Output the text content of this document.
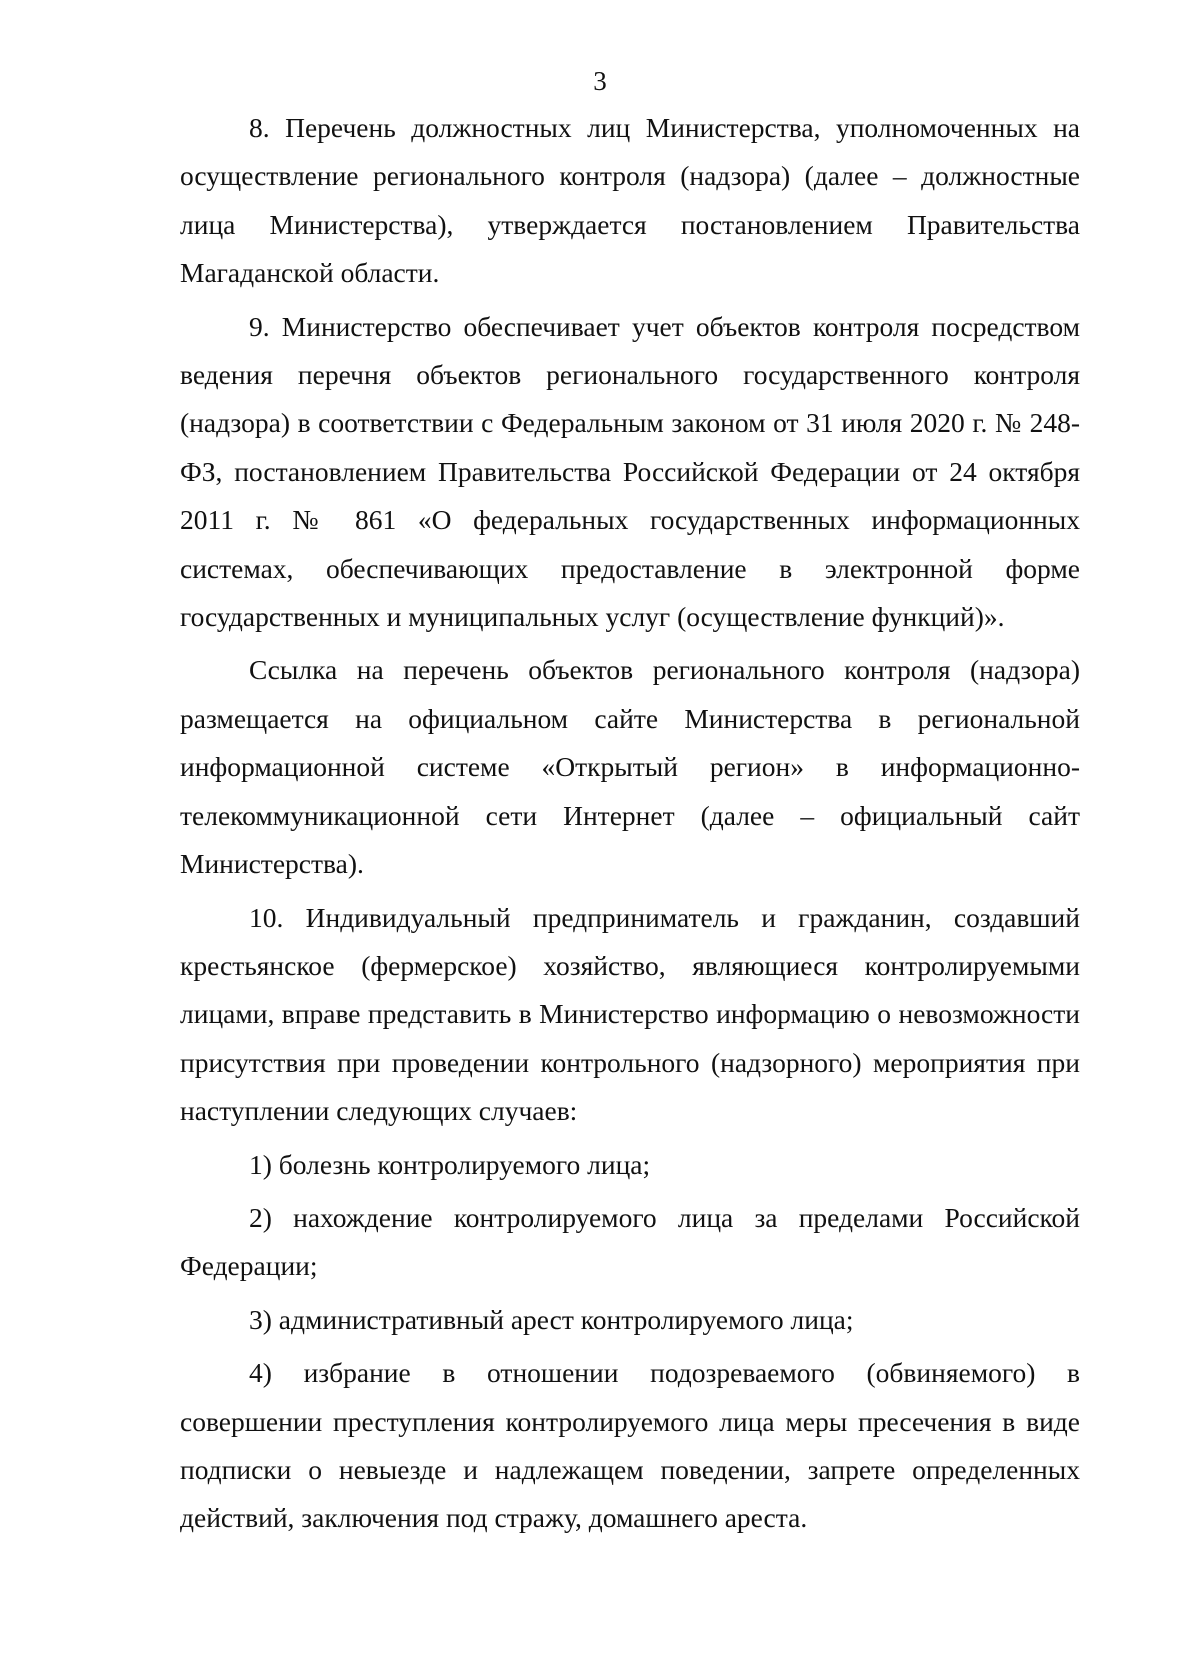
3

8. Перечень должностных лиц Министерства, уполномоченных на осуществление регионального контроля (надзора) (далее – должностные лица Министерства), утверждается постановлением Правительства Магаданской области.

9. Министерство обеспечивает учет объектов контроля посредством ведения перечня объектов регионального государственного контроля (надзора) в соответствии с Федеральным законом от 31 июля 2020 г. № 248-ФЗ, постановлением Правительства Российской Федерации от 24 октября 2011 г. № 861 «О федеральных государственных информационных системах, обеспечивающих предоставление в электронной форме государственных и муниципальных услуг (осуществление функций)».

Ссылка на перечень объектов регионального контроля (надзора) размещается на официальном сайте Министерства в региональной информационной системе «Открытый регион» в информационно-телекоммуникационной сети Интернет (далее – официальный сайт Министерства).

10. Индивидуальный предприниматель и гражданин, создавший крестьянское (фермерское) хозяйство, являющиеся контролируемыми лицами, вправе представить в Министерство информацию о невозможности присутствия при проведении контрольного (надзорного) мероприятия при наступлении следующих случаев:

1) болезнь контролируемого лица;

2) нахождение контролируемого лица за пределами Российской Федерации;

3) административный арест контролируемого лица;

4) избрание в отношении подозреваемого (обвиняемого) в совершении преступления контролируемого лица меры пресечения в виде подписки о невыезде и надлежащем поведении, запрете определенных действий, заключения под стражу, домашнего ареста.
